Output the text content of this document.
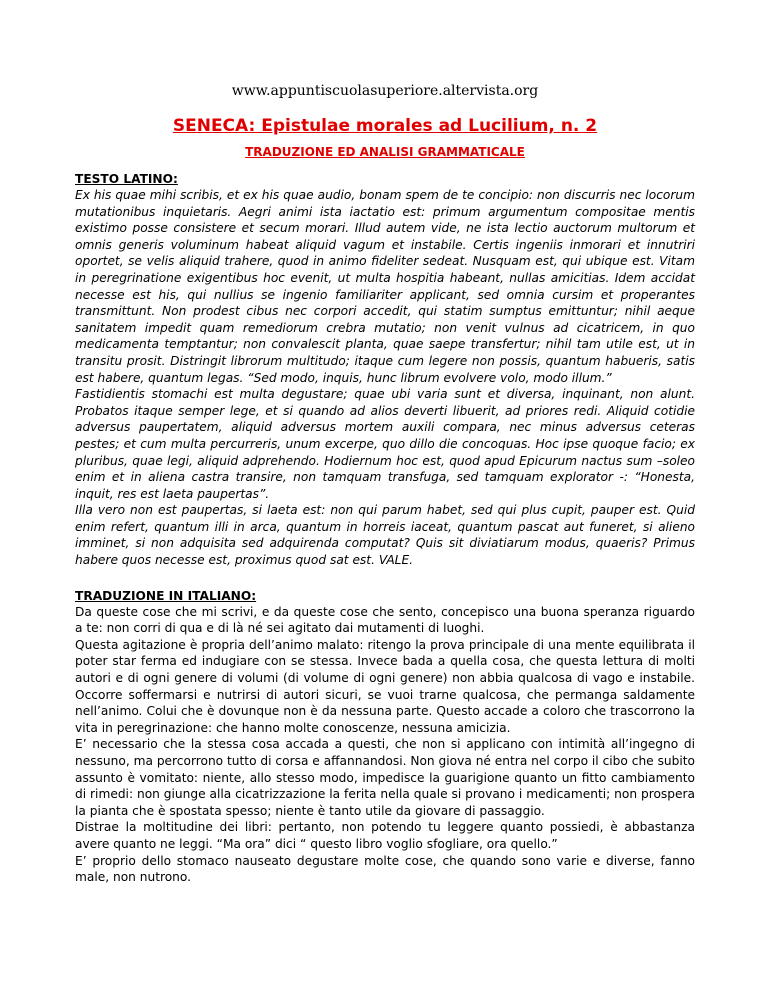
www.appuntiscuolasuperiore.altervista.org

SENECA: Epistulae morales ad Lucilium, n. 2

TRADUZIONE ED ANALISI GRAMMATICALE

TESTO LATINO:

Ex his quae mihi scribis, et ex his quae audio, bonam spem de te concipio: non discurris nec locorum mutationibus inquietaris. Aegri animi ista iactatio est: primum argumentum compositae mentis existimo posse consistere et secum morari. Illud autem vide, ne ista lectio auctorum multorum et omnis generis voluminum habeat aliquid vagum et instabile. Certis ingeniis inmorari et innutriri oportet, se velis aliquid trahere, quod in animo fideliter sedeat. Nusquam est, qui ubique est. Vitam in peregrinatione exigentibus hoc evenit, ut multa hospitia habeant, nullas amicitias. Idem accidat necesse est his, qui nullius se ingenio familiariter applicant, sed omnia cursim et properantes transmittunt. Non prodest cibus nec corpori accedit, qui statim sumptus emittuntur; nihil aeque sanitatem impedit quam remediorum crebra mutatio; non venit vulnus ad cicatricem, in quo medicamenta temptantur; non convalescit planta, quae saepe transfertur; nihil tam utile est, ut in transitu prosit. Distringit librorum multitudo; itaque cum legere non possis, quantum habueris, satis est habere, quantum legas. “Sed modo, inquis, hunc librum evolvere volo, modo illum.”

Fastidientis stomachi est multa degustare; quae ubi varia sunt et diversa, inquinant, non alunt. Probatos itaque semper lege, et si quando ad alios deverti libuerit, ad priores redi. Aliquid cotidie adversus paupertatem, aliquid adversus mortem auxili compara, nec minus adversus ceteras pestes; et cum multa percurreris, unum excerpe, quo dillo die concoquas. Hoc ipse quoque facio; ex pluribus, quae legi, aliquid adprehendo. Hodiernum hoc est, quod apud Epicurum nactus sum –soleo enim et in aliena castra transire, non tamquam transfuga, sed tamquam explorator -: “Honesta, inquit, res est laeta paupertas”.

Illa vero non est paupertas, si laeta est: non qui parum habet, sed qui plus cupit, pauper est. Quid enim refert, quantum illi in arca, quantum in horreis iaceat, quantum pascat aut funeret, si alieno imminet, si non adquisita sed adquirenda computat? Quis sit diviatiarum modus, quaeris? Primus habere quos necesse est, proximus quod sat est. VALE.

TRADUZIONE IN ITALIANO:

Da queste cose che mi scrivi, e da queste cose che sento, concepisco una buona speranza riguardo a te: non corri di qua e di là né sei agitato dai mutamenti di luoghi.

Questa agitazione è propria dell’animo malato: ritengo la prova principale di una mente equilibrata il poter star ferma ed indugiare con se stessa. Invece bada a quella cosa, che questa lettura di molti autori e di ogni genere di volumi (di volume di ogni genere) non abbia qualcosa di vago e instabile. Occorre soffermarsi e nutrirsi di autori sicuri, se vuoi trarne qualcosa, che permanga saldamente nell’animo. Colui che è dovunque non è da nessuna parte. Questo accade a coloro che trascorrono la vita in peregrinazione: che hanno molte conoscenze, nessuna amicizia.

E’ necessario che la stessa cosa accada a questi, che non si applicano con intimità all’ingegno di nessuno, ma percorrono tutto di corsa e affannandosi. Non giova né entra nel corpo il cibo che subito assunto è vomitato: niente, allo stesso modo, impedisce la guarigione quanto un fitto cambiamento di rimedi: non giunge alla cicatrizzazione la ferita nella quale si provano i medicamenti; non prospera la pianta che è spostata spesso; niente è tanto utile da giovare di passaggio.

Distrae la moltitudine dei libri: pertanto, non potendo tu leggere quanto possiedi, è abbastanza avere quanto ne leggi. “Ma ora” dici “ questo libro voglio sfogliare, ora quello.”

E’ proprio dello stomaco nauseato degustare molte cose, che quando sono varie e diverse, fanno male, non nutrono.
